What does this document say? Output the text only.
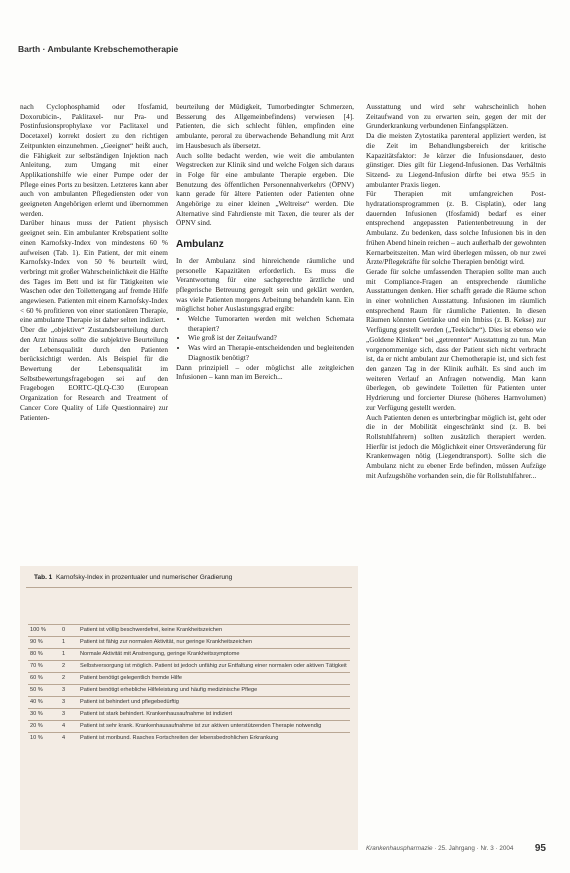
Barth · Ambulante Krebschemotherapie

nach Cyclophosphamid oder Ifosfamid, Doxorubicin-, Paklitaxel- nur Pra- und Postinfusionsprophylaxe vor Paclitaxel und Docetaxel) korrekt dosiert zu den richtigen Zeitpunkten einzunehmen. „Geeignet“ heißt auch, die Fähigkeit zur selbständigen Injektion nach Anleitung, zum Umgang mit einer Applikationshilfe wie einer Pumpe oder der Pflege eines Ports zu besitzen. Letzteres kann aber auch von ambulanten Pflegediensten oder von geeigneten Angehörigen erlernt und übernommen werden.

Darüber hinaus muss der Patient physisch geeignet sein. Ein ambulanter Krebspatient sollte einen Karnofsky-Index von mindestens 60 % aufweisen (Tab. 1). Ein Patient, der mit einem Karnofsky-Index von 50 % beurteilt wird, verbringt mit großer Wahrscheinlichkeit die Hälfte des Tages im Bett und ist für Tätigkeiten wie Waschen oder den Toilettengang auf fremde Hilfe angewiesen. Patienten mit einem Karnofsky-Index < 60 % profitieren von einer stationären Therapie, eine ambulante Therapie ist daher selten indiziert.

Über die „objektive“ Zustandsbeurteilung durch den Arzt hinaus sollte die subjektive Beurteilung der Lebensqualität durch den Patienten berücksichtigt werden. Als Beispiel für die Bewertung der Lebensqualität im Selbstbewertungsfragebogen sei auf den Fragebogen EORTC-QLQ-C30 (European Organization for Research and Treatment of Cancer Core Quality of Life Questionnaire) zur Patienten-

beurteilung der Müdigkeit, Tumorbedingter Schmerzen, Besserung des Allgemeinbefindens) verwiesen [4]. Patienten, die sich schlecht fühlen, empfinden eine ambulante, peroral zu überwachende Behandlung mit Arzt im Hausbesuch als übersetzt.

Auch sollte bedacht werden, wie weit die ambulanten Wegstrecken zur Klinik sind und welche Folgen sich daraus in Folge für eine ambulante Therapie ergeben. Die Benutzung des öffentlichen Personennahverkehrs (ÖPNV) kann gerade für ältere Patienten oder Patienten ohne Angehörige zu einer kleinen „Weltreise“ werden. Die Alternative sind Fahrdienste mit Taxen, die teurer als der ÖPNV sind.

Ambulanz

In der Ambulanz sind hinreichende räumliche und personelle Kapazitäten erforderlich. Es muss die Verantwortung für eine sachgerechte ärztliche und pflegerische Betreuung geregelt sein und geklärt werden, was viele Patienten morgens Arbeitung behandeln kann. Ein möglichst hoher Auslastungsgrad ergibt:

• Welche Tumorarten werden mit welchen Schemata therapiert?
• Wie groß ist der Zeitaufwand?
• Was wird an Therapie-entscheidenden und begleitenden Diagnostik benötigt?

Dann prinzipiell – oder möglichst alle zeitgleichen Infusionen – kann man im Bereich...

Ausstattung und wird sehr wahrscheinlich hohen Zeitaufwand von zu erwarten sein, gegen der mit der Grunderkrankung verbundenen Einfangsplätzen.

Da die meisten Zytostatika parenteral appliziert werden, ist die Zeit im Behandlungsbereich der kritische Kapazitätsfaktor: Je kürzer die Infusionsdauer, desto günstiger. Dies gilt für Liegend-Infusionen. Das Verhältnis Sitzend- zu Liegend-Infusion dürfte bei etwa 95:5 in ambulanter Praxis liegen.

Für Therapien mit umfangreichen Post-hydratationsprogrammen (z. B. Cisplatin), oder lang dauernden Infusionen (Ifosfamid) bedarf es einer entsprechend angepassten Patientenbetreuung in der Ambulanz. Zu bedenken, dass solche Infusionen bis in den frühen Abend hinein reichen – auch außerhalb der gewohnten Kernarbeitszeiten. Man wird überlegen müssen, ob nur zwei Ärzte/Pflegekräfte für solche Therapien benötigt wird.

Gerade für solche umfassenden Therapien sollte man auch mit Compliance-Fragen an entsprechende räumliche Ausstattungen denken. Hier schafft gerade die Räume schon in einer wohnlichen Ausstattung. Infusionen im räumlich entsprechend Raum für räumliche Patienten. In diesen Räumen könnten Getränke und ein Imbiss (z. B. Kekse) zur Verfügung gestellt werden („Teeküche“). Dies ist ebenso wie „Goldene Klinken“ bei „getrennter“ Ausstattung zu tun. Man vorgenommenige sich, dass der Patient sich nicht verbracht ist, da er nicht ambulant zur Chemotherapie ist, und sich fest den ganzen Tag in der Klinik aufhält. Es sind auch im weiteren Verlauf an Anfragen notwendig. Man kann überlegen, ob gewindete Toiletten für Patienten unter Hydrierung und forcierter Diurese (höheres Harnvolumen) zur Verfügung gestellt werden.

Auch Patienten denen es unterbringbar möglich ist, geht oder die in der Mobilität eingeschränkt sind (z. B. bei Rollstuhlfahrern) sollten zusätzlich therapiert werden. Hierfür ist jedoch die Möglichkeit einer Ortsveränderung für Krankenwagen nötig (Liegendtransport). Sollte sich die Ambulanz nicht zu ebener Erde befinden, müssen Aufzüge mit Aufzugshöhe vorhanden sein, die für Rollstuhlfahrer...

Tab. 1 Karnofsky-Index in prozentualer und numerischer Gradierung
100 %	0	Patient ist völlig beschwerdefrei, keine Krankheitszeichen
90 %	1	Patient ist fähig zur normalen Aktivität, nur geringe Krankheitszeichen
80 %	1	Normale Aktivität mit Anstrengung, geringe Krankheitssymptome
70 %	2	Selbstversorgung ist möglich. Patient ist jedoch unfähig zur Entfaltung einer normalen oder aktiven Tätigkeit
60 %	2	Patient benötigt gelegentlich fremde Hilfe
50 %	3	Patient benötigt erhebliche Hilfeleistung und häufig medizinische Pflege
40 %	3	Patient ist behindert und pflegebedürftig
30 %	3	Patient ist stark behindert. Krankenhausaufnahme ist indiziert
20 %	4	Patient ist sehr krank. Krankenhausaufnahme ist zur aktiven unterstützenden Therapie notwendig
10 %	4	Patient ist moribund. Rasches Fortschreiten der lebensbedrohlichen Erkrankung
Krankenhauspharmazie · 25. Jahrgang · Nr. 3 · 2004 95
